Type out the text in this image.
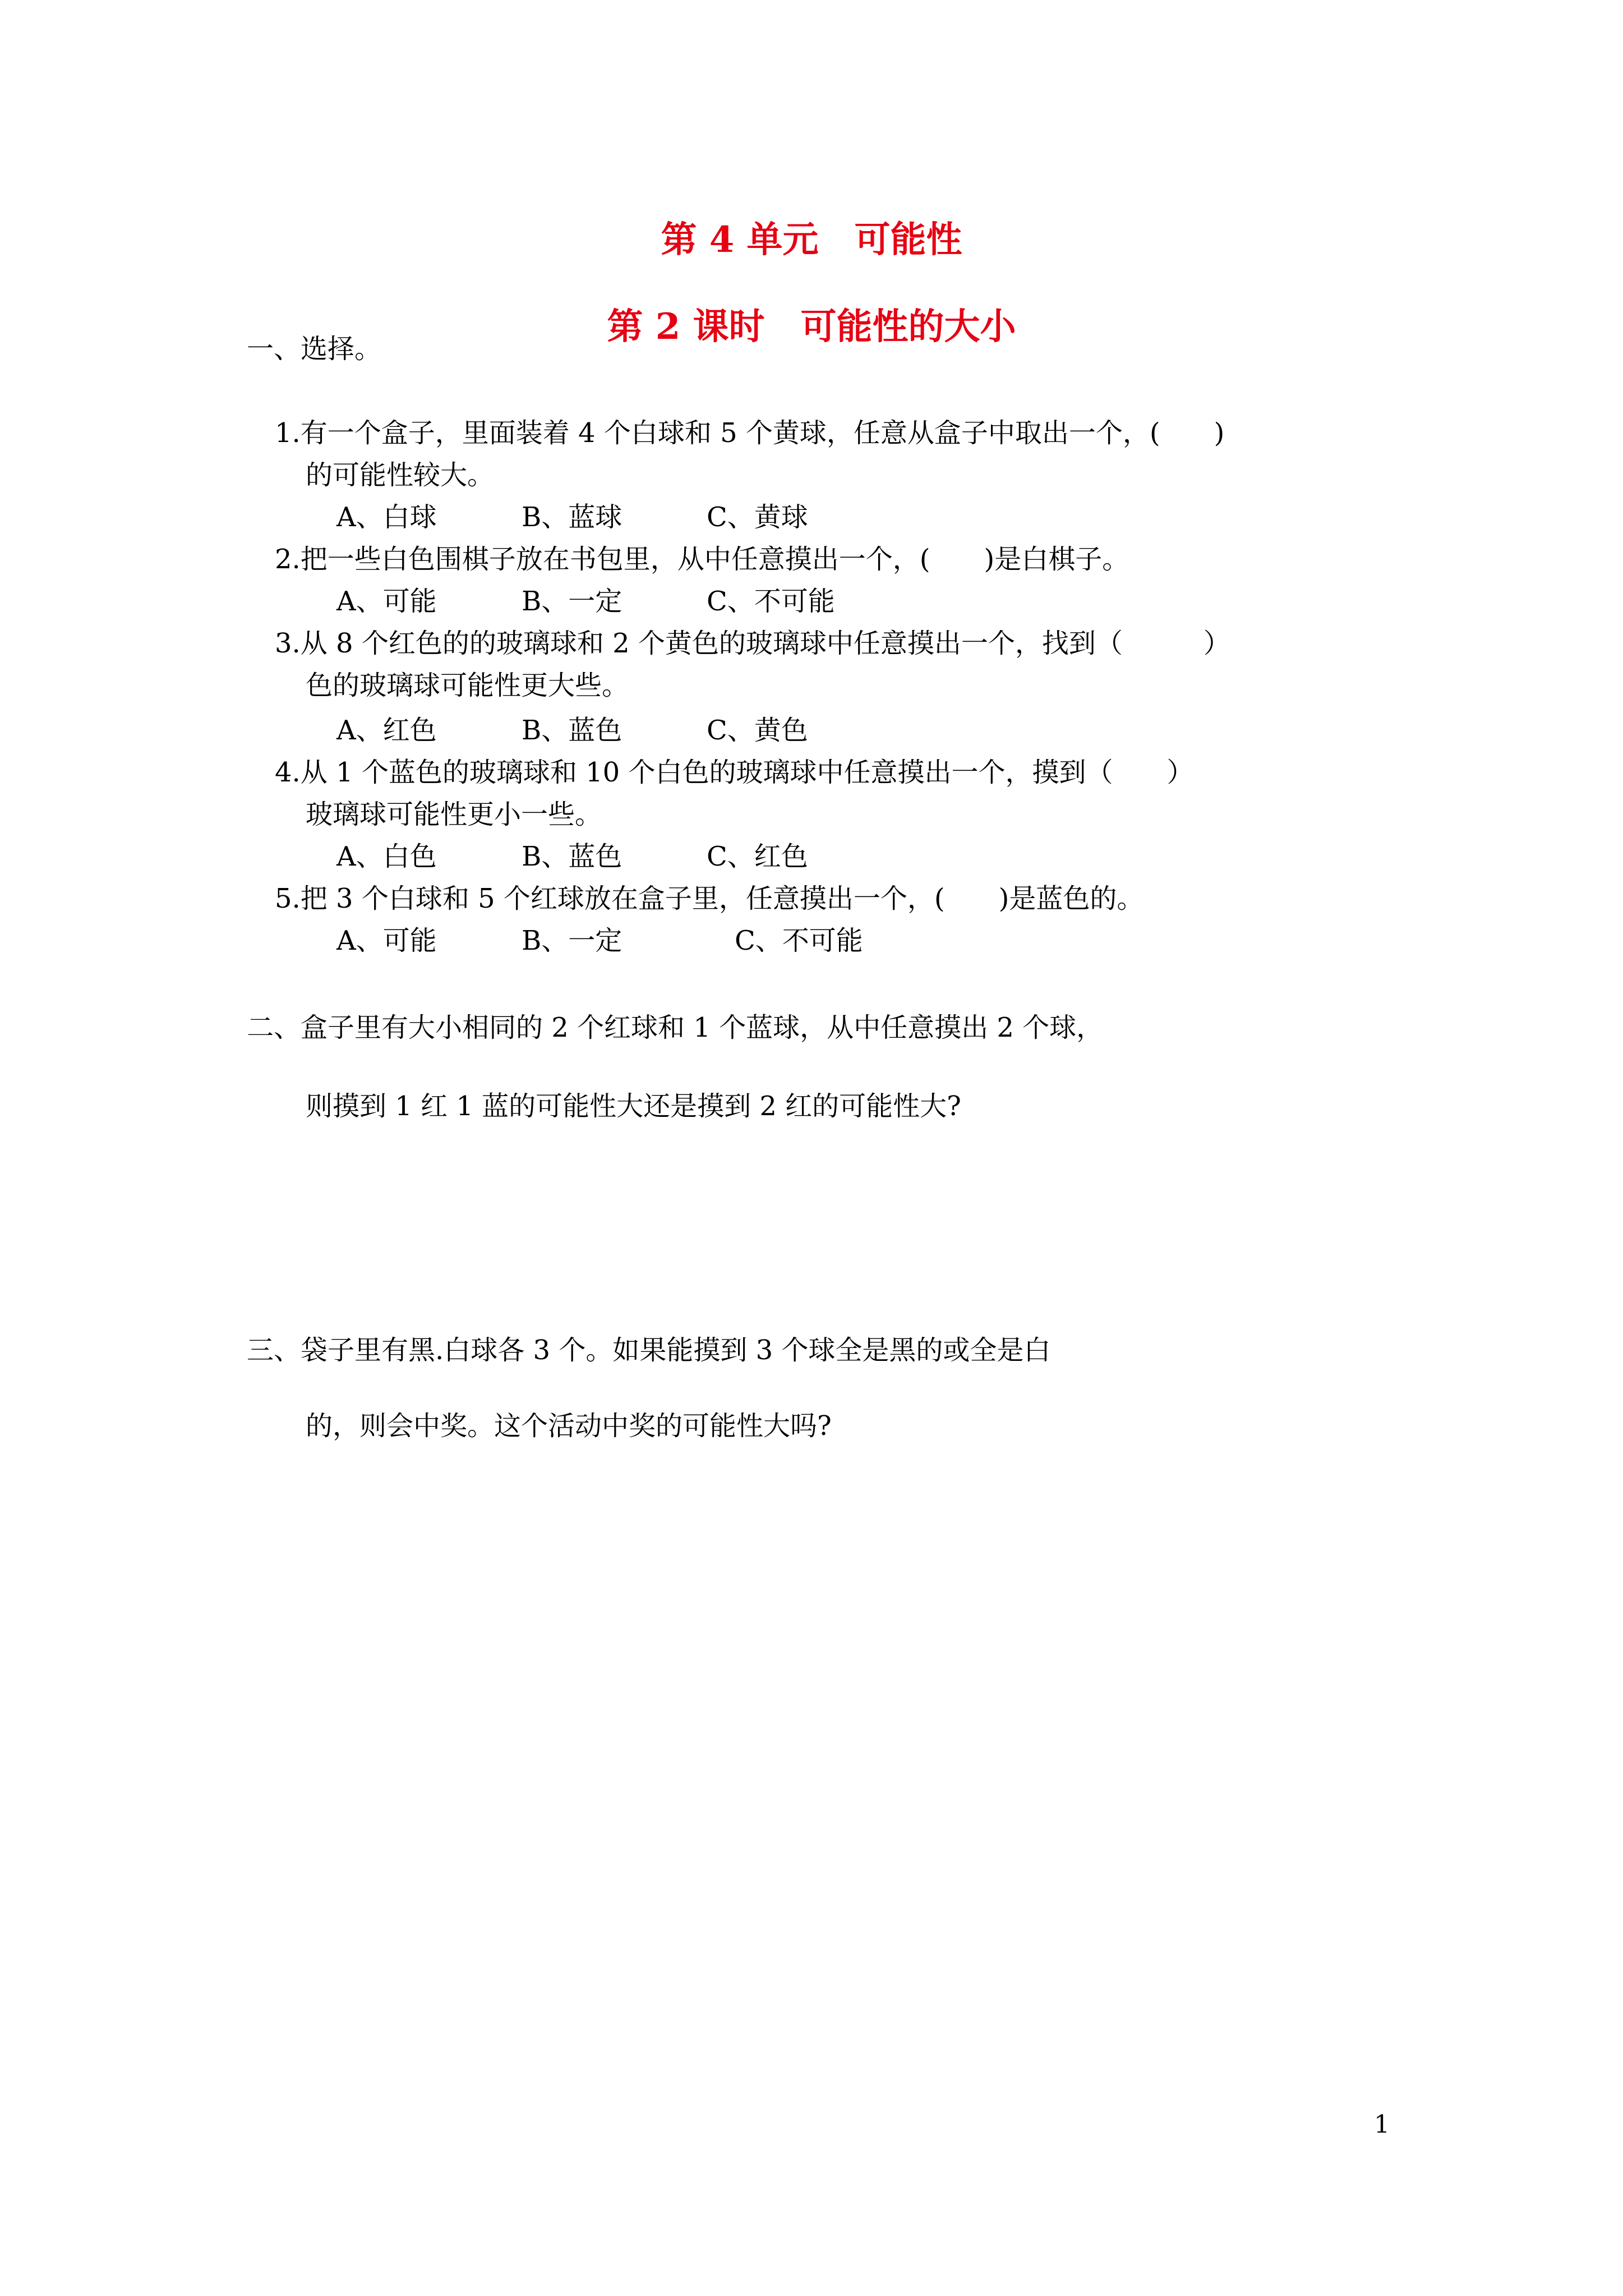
第 4 单元　可能性
第 2 课时　可能性的大小
一、选择。
1.有一个盒子，里面装着 4 个白球和 5 个黄球，任意从盒子中取出一个，(　　)
的可能性较大。
A、白球	B、蓝球	C、黄球
2.把一些白色围棋子放在书包里，从中任意摸出一个，(　　)是白棋子。
A、可能	B、一定	C、不可能
3.从 8 个红色的的玻璃球和 2 个黄色的玻璃球中任意摸出一个，找到（　　　）
色的玻璃球可能性更大些。
A、红色	B、蓝色	C、黄色
4.从 1 个蓝色的玻璃球和 10 个白色的玻璃球中任意摸出一个，摸到（　　）
玻璃球可能性更小一些。
A、白色	B、蓝色	C、红色
5.把 3 个白球和 5 个红球放在盒子里，任意摸出一个，(　　)是蓝色的。
A、可能	B、一定	C、不可能
二、盒子里有大小相同的 2 个红球和 1 个蓝球，从中任意摸出 2 个球，
则摸到 1 红 1 蓝的可能性大还是摸到 2 红的可能性大?
三、袋子里有黑.白球各 3 个。如果能摸到 3 个球全是黑的或全是白
的，则会中奖。这个活动中奖的可能性大吗?
1
